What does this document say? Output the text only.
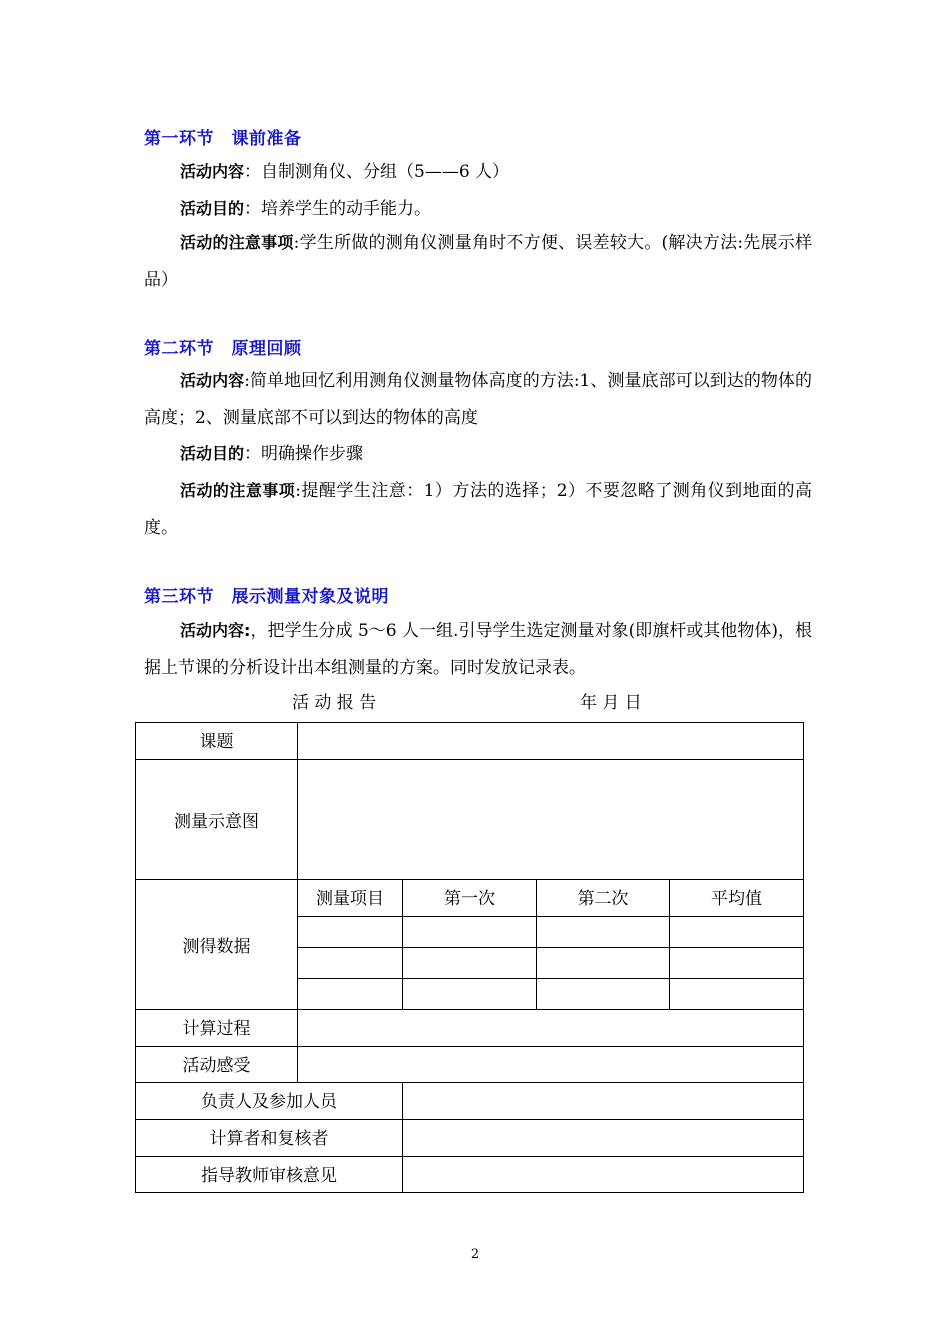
第一环节　课前准备
活动内容：自制测角仪、分组（5——6 人）
活动目的：培养学生的动手能力。
活动的注意事项:学生所做的测角仪测量角时不方便、误差较大。(解决方法:先展示样品）
第二环节　原理回顾
活动内容:简单地回忆利用测角仪测量物体高度的方法:1、测量底部可以到达的物体的高度；2、测量底部不可以到达的物体的高度
活动目的：明确操作步骤
活动的注意事项:提醒学生注意：1）方法的选择；2）不要忽略了测角仪到地面的高度。
第三环节　展示测量对象及说明
活动内容:，把学生分成 5～6 人一组.引导学生选定测量对象(即旗杆或其他物体)，根据上节课的分析设计出本组测量的方案。同时发放记录表。
活 动 报 告	年 月 日
课题
测量示意图
测得数据
测量项目	第一次	第二次	平均值
计算过程
活动感受
负责人及参加人员
计算者和复核者
指导教师审核意见
2
